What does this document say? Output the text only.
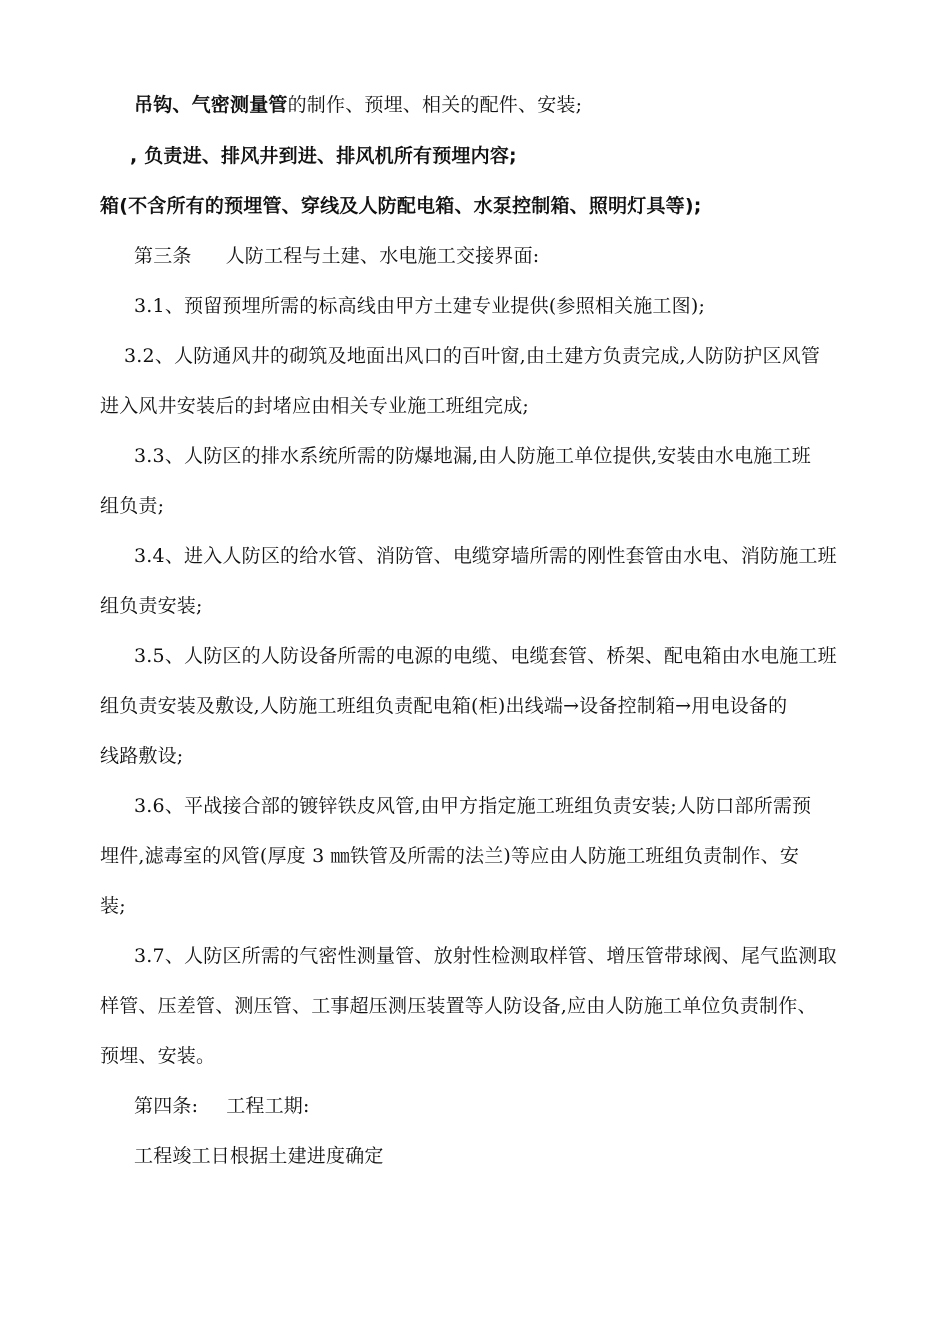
吊钩、气密测量管的制作、预埋、相关的配件、安装;
, 负责进、排风井到进、排风机所有预埋内容;
箱(不含所有的预埋管、穿线及人防配电箱、水泵控制箱、照明灯具等);
第三条 人防工程与土建、水电施工交接界面:
3.1、预留预埋所需的标高线由甲方土建专业提供(参照相关施工图);
3.2、人防通风井的砌筑及地面出风口的百叶窗,由土建方负责完成,人防防护区风管
进入风井安装后的封堵应由相关专业施工班组完成;
3.3、人防区的排水系统所需的防爆地漏,由人防施工单位提供,安装由水电施工班
组负责;
3.4、进入人防区的给水管、消防管、电缆穿墙所需的刚性套管由水电、消防施工班
组负责安装;
3.5、人防区的人防设备所需的电源的电缆、电缆套管、桥架、配电箱由水电施工班
组负责安装及敷设,人防施工班组负责配电箱(柜)出线端→设备控制箱→用电设备的
线路敷设;
3.6、平战接合部的镀锌铁皮风管,由甲方指定施工班组负责安装;人防口部所需预
埋件,滤毒室的风管(厚度 3 ㎜铁管及所需的法兰)等应由人防施工班组负责制作、安
装;
3.7、人防区所需的气密性测量管、放射性检测取样管、增压管带球阀、尾气监测取
样管、压差管、测压管、工事超压测压装置等人防设备,应由人防施工单位负责制作、
预埋、安装。
第四条: 工程工期:
工程竣工日根据土建进度确定
